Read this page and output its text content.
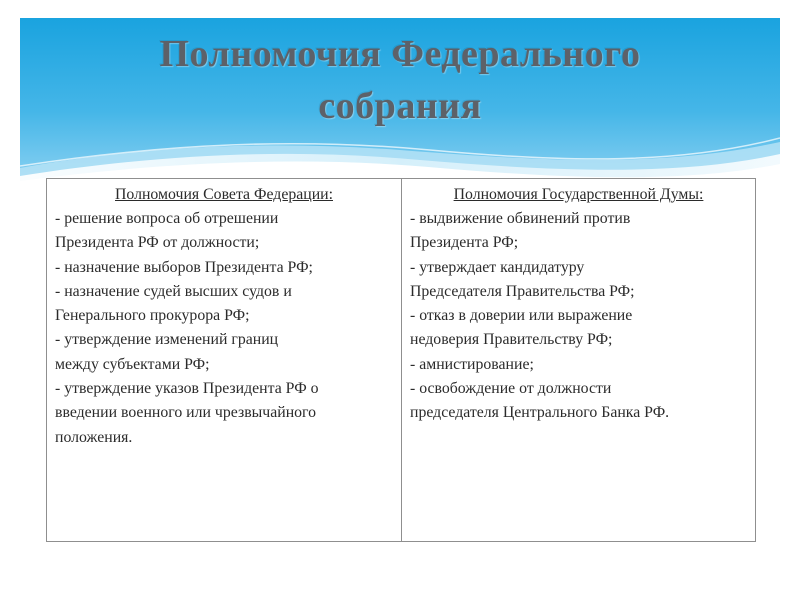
Полномочия Федерального
собрания
Полномочия Совета Федерации:
- решение вопроса об отрешении
Президента РФ от должности;
- назначение выборов Президента РФ;
- назначение судей высших судов и
Генерального прокурора РФ;
- утверждение изменений границ
между субъектами РФ;
- утверждение указов Президента РФ о
введении военного или чрезвычайного
положения.
Полномочия Государственной Думы:
- выдвижение обвинений против
Президента РФ;
- утверждает кандидатуру
Председателя Правительства РФ;
- отказ в доверии или выражение
недоверия Правительству РФ;
- амнистирование;
- освобождение от должности
председателя Центрального Банка РФ.
